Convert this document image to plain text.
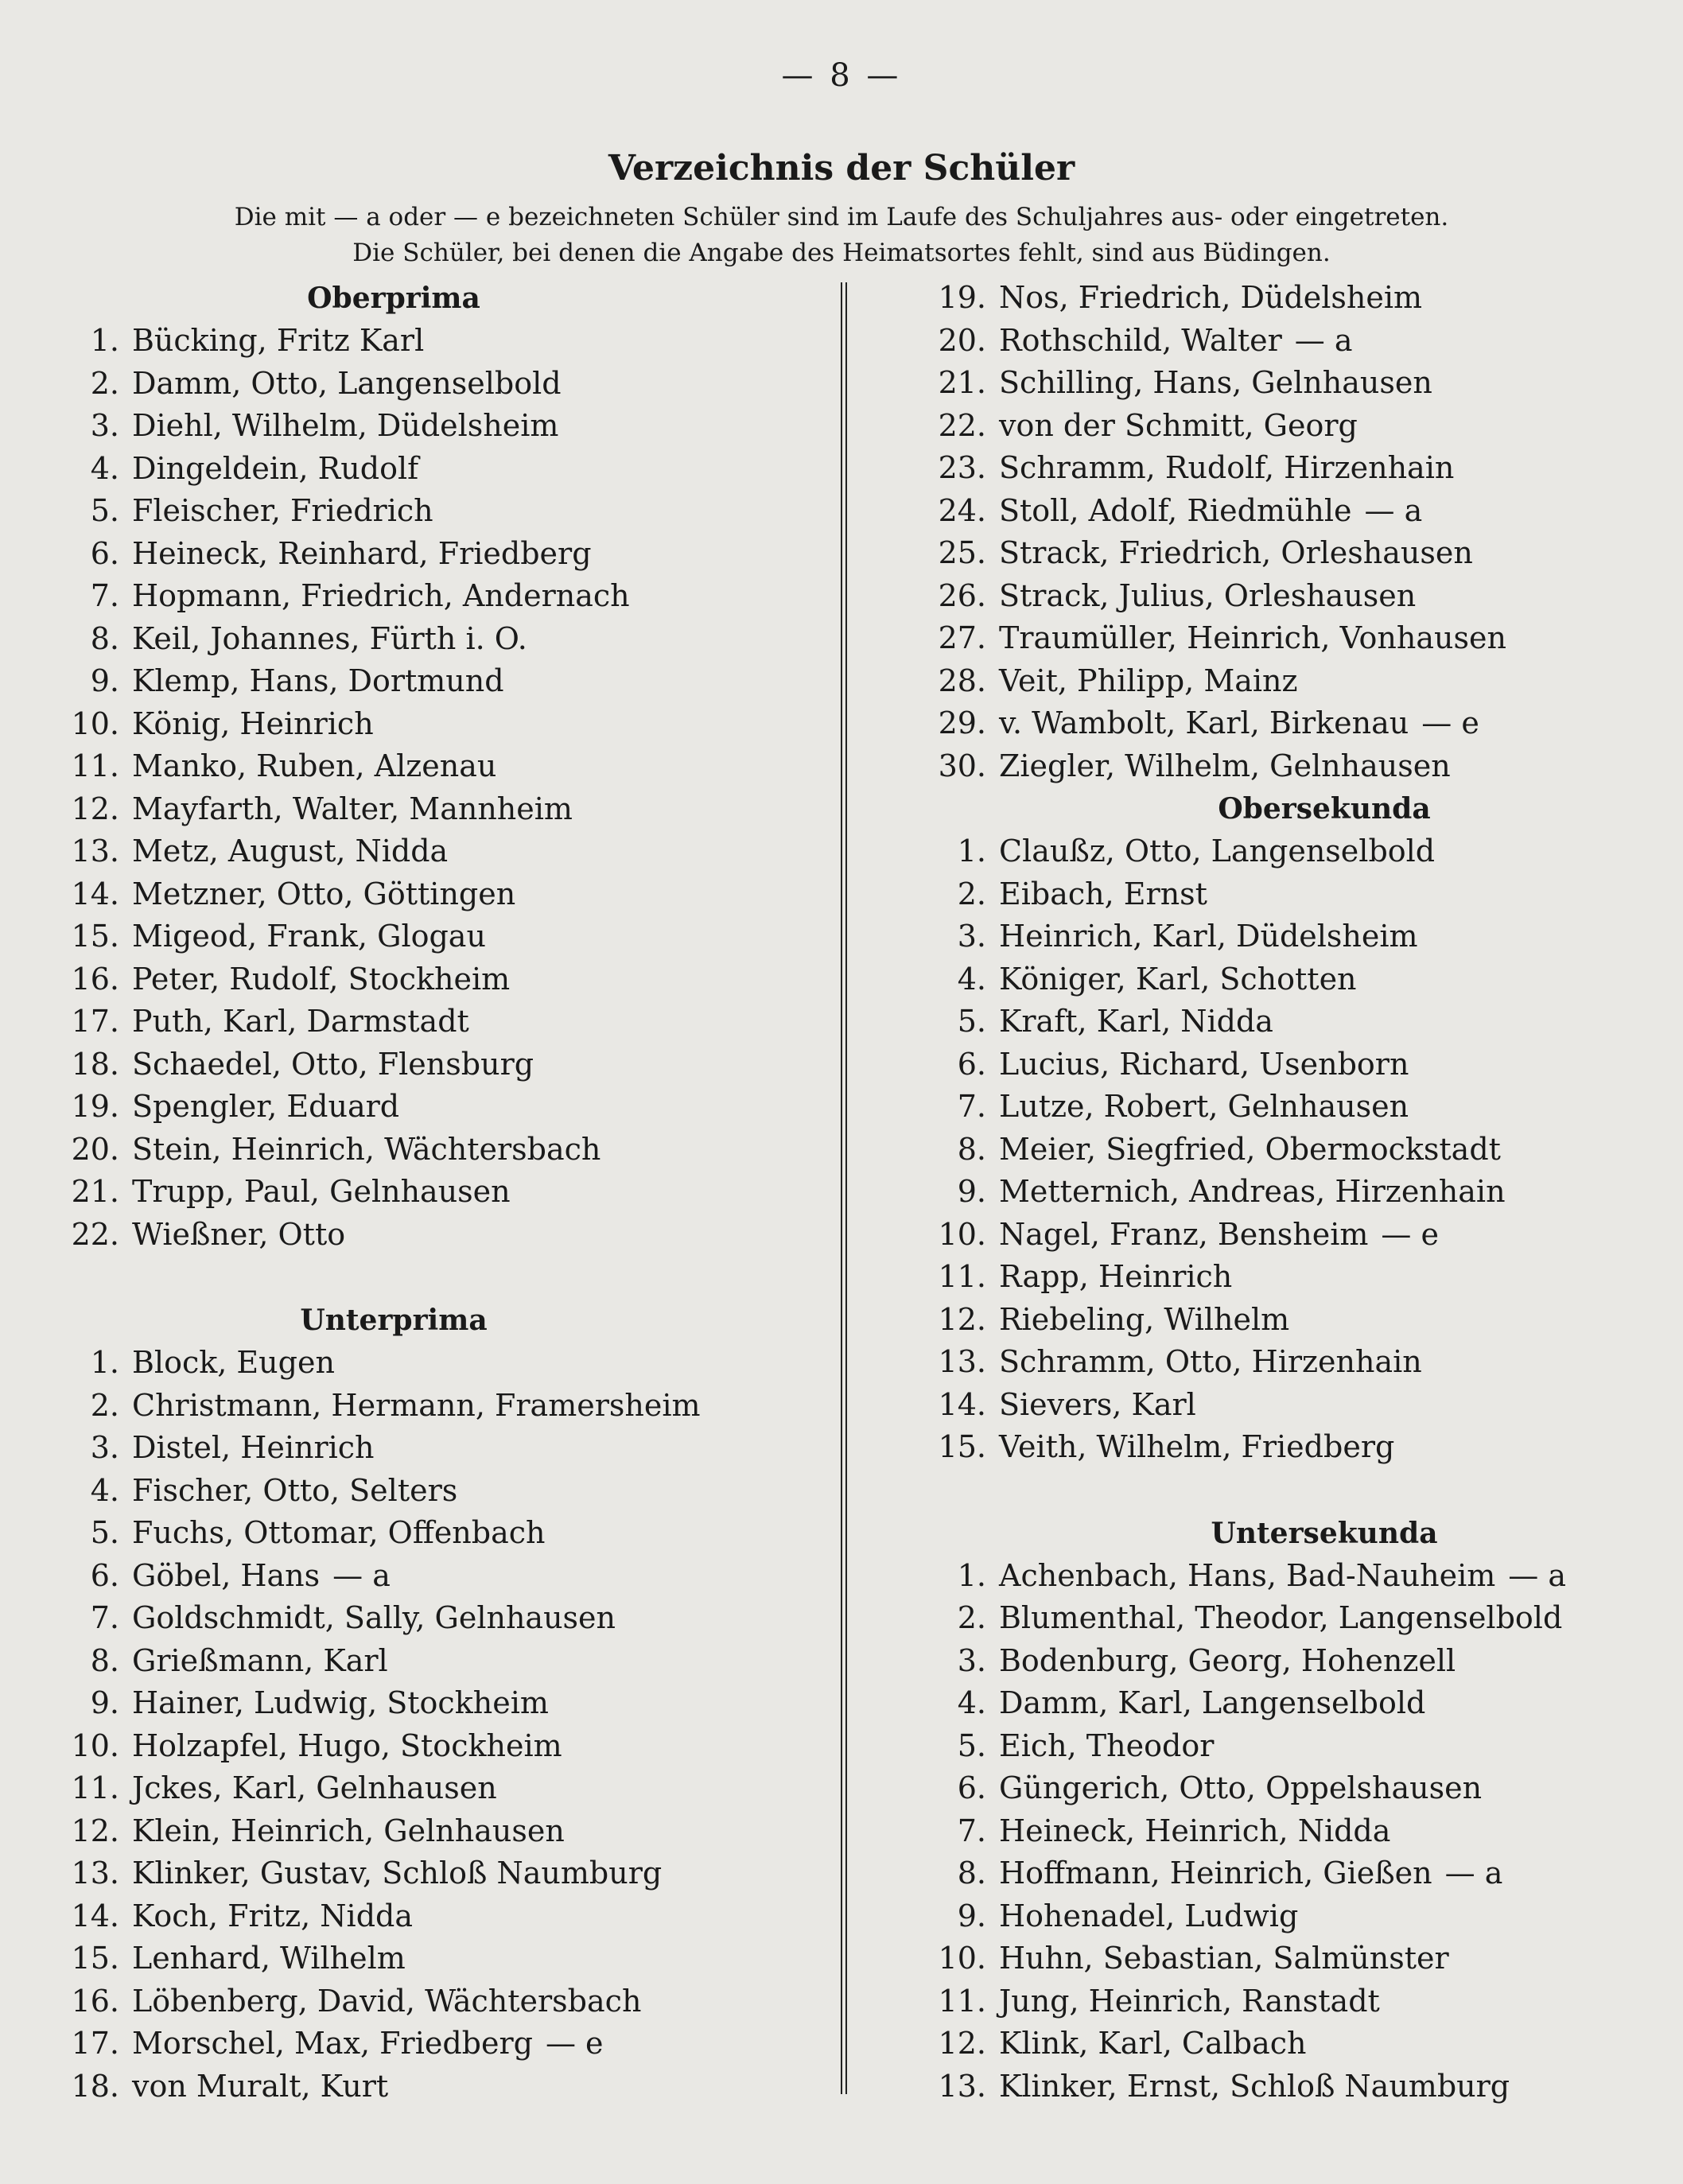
— 8 —
Verzeichnis der Schüler
Die mit — a oder — e bezeichneten Schüler sind im Laufe des Schuljahres aus- oder eingetreten.
Die Schüler, bei denen die Angabe des Heimatsortes fehlt, sind aus Büdingen.
Oberprima
1. Bücking, Fritz Karl
2. Damm, Otto, Langenselbold
3. Diehl, Wilhelm, Düdelsheim
4. Dingeldein, Rudolf
5. Fleischer, Friedrich
6. Heineck, Reinhard, Friedberg
7. Hopmann, Friedrich, Andernach
8. Keil, Johannes, Fürth i. O.
9. Klemp, Hans, Dortmund
10. König, Heinrich
11. Manko, Ruben, Alzenau
12. Mayfarth, Walter, Mannheim
13. Metz, August, Nidda
14. Metzner, Otto, Göttingen
15. Migeod, Frank, Glogau
16. Peter, Rudolf, Stockheim
17. Puth, Karl, Darmstadt
18. Schaedel, Otto, Flensburg
19. Spengler, Eduard
20. Stein, Heinrich, Wächtersbach
21. Trupp, Paul, Gelnhausen
22. Wießner, Otto
Unterprima
1. Block, Eugen
2. Christmann, Hermann, Framersheim
3. Distel, Heinrich
4. Fischer, Otto, Selters
5. Fuchs, Ottomar, Offenbach
6. Göbel, Hans — a
7. Goldschmidt, Sally, Gelnhausen
8. Grießmann, Karl
9. Hainer, Ludwig, Stockheim
10. Holzapfel, Hugo, Stockheim
11. Jckes, Karl, Gelnhausen
12. Klein, Heinrich, Gelnhausen
13. Klinker, Gustav, Schloß Naumburg
14. Koch, Fritz, Nidda
15. Lenhard, Wilhelm
16. Löbenberg, David, Wächtersbach
17. Morschel, Max, Friedberg — e
18. von Muralt, Kurt
19. Nos, Friedrich, Düdelsheim
20. Rothschild, Walter — a
21. Schilling, Hans, Gelnhausen
22. von der Schmitt, Georg
23. Schramm, Rudolf, Hirzenhain
24. Stoll, Adolf, Riedmühle — a
25. Strack, Friedrich, Orleshausen
26. Strack, Julius, Orleshausen
27. Traumüller, Heinrich, Vonhausen
28. Veit, Philipp, Mainz
29. v. Wambolt, Karl, Birkenau — e
30. Ziegler, Wilhelm, Gelnhausen
Obersekunda
1. Claußz, Otto, Langenselbold
2. Eibach, Ernst
3. Heinrich, Karl, Düdelsheim
4. Königer, Karl, Schotten
5. Kraft, Karl, Nidda
6. Lucius, Richard, Usenborn
7. Lutze, Robert, Gelnhausen
8. Meier, Siegfried, Obermockstadt
9. Metternich, Andreas, Hirzenhain
10. Nagel, Franz, Bensheim — e
11. Rapp, Heinrich
12. Riebeling, Wilhelm
13. Schramm, Otto, Hirzenhain
14. Sievers, Karl
15. Veith, Wilhelm, Friedberg
Untersekunda
1. Achenbach, Hans, Bad-Nauheim — a
2. Blumenthal, Theodor, Langenselbold
3. Bodenburg, Georg, Hohenzell
4. Damm, Karl, Langenselbold
5. Eich, Theodor
6. Güngerich, Otto, Oppelshausen
7. Heineck, Heinrich, Nidda
8. Hoffmann, Heinrich, Gießen — a
9. Hohenadel, Ludwig
10. Huhn, Sebastian, Salmünster
11. Jung, Heinrich, Ranstadt
12. Klink, Karl, Calbach
13. Klinker, Ernst, Schloß Naumburg
